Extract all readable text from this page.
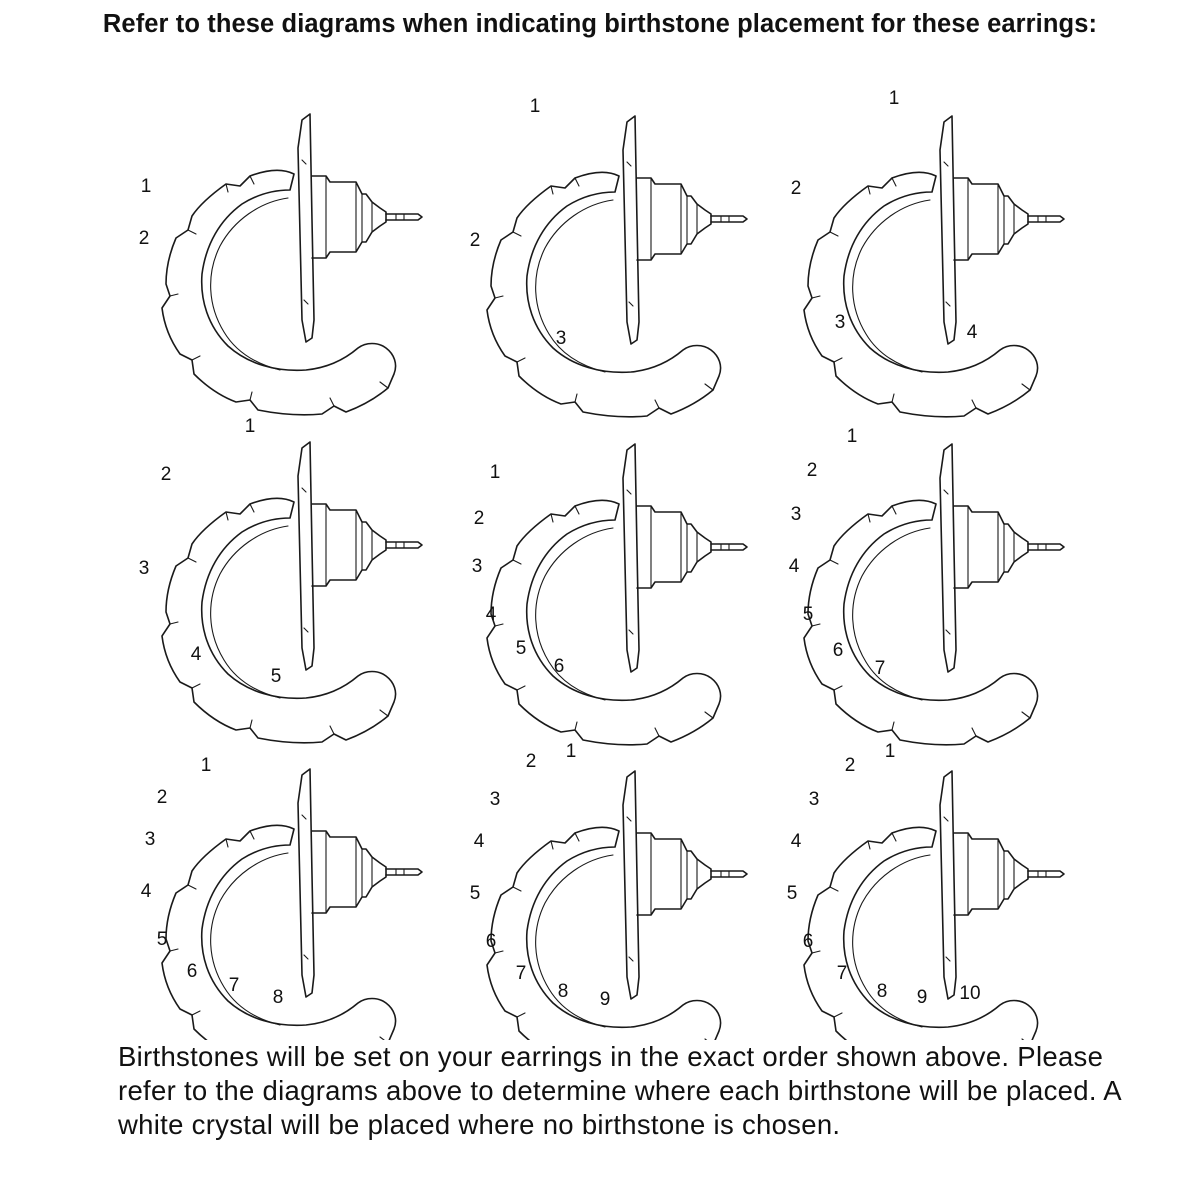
Refer to these diagrams when indicating birthstone placement for these earrings:
1
2
1
2
3
1
2
3	4
1
2
3
4
5
1
2
3
4
5
6
1
2
3
4
5
6
7
1
2
3
4
5
6
7
8
1
2
3
4
5
6
7
8 9
1
2
3
4
5
6
7
8 9 10
Birthstones will be set on your earrings in the exact order shown above. Please refer to the diagrams above to determine where each birthstone will be placed. A white crystal will be placed where no birthstone is chosen.
